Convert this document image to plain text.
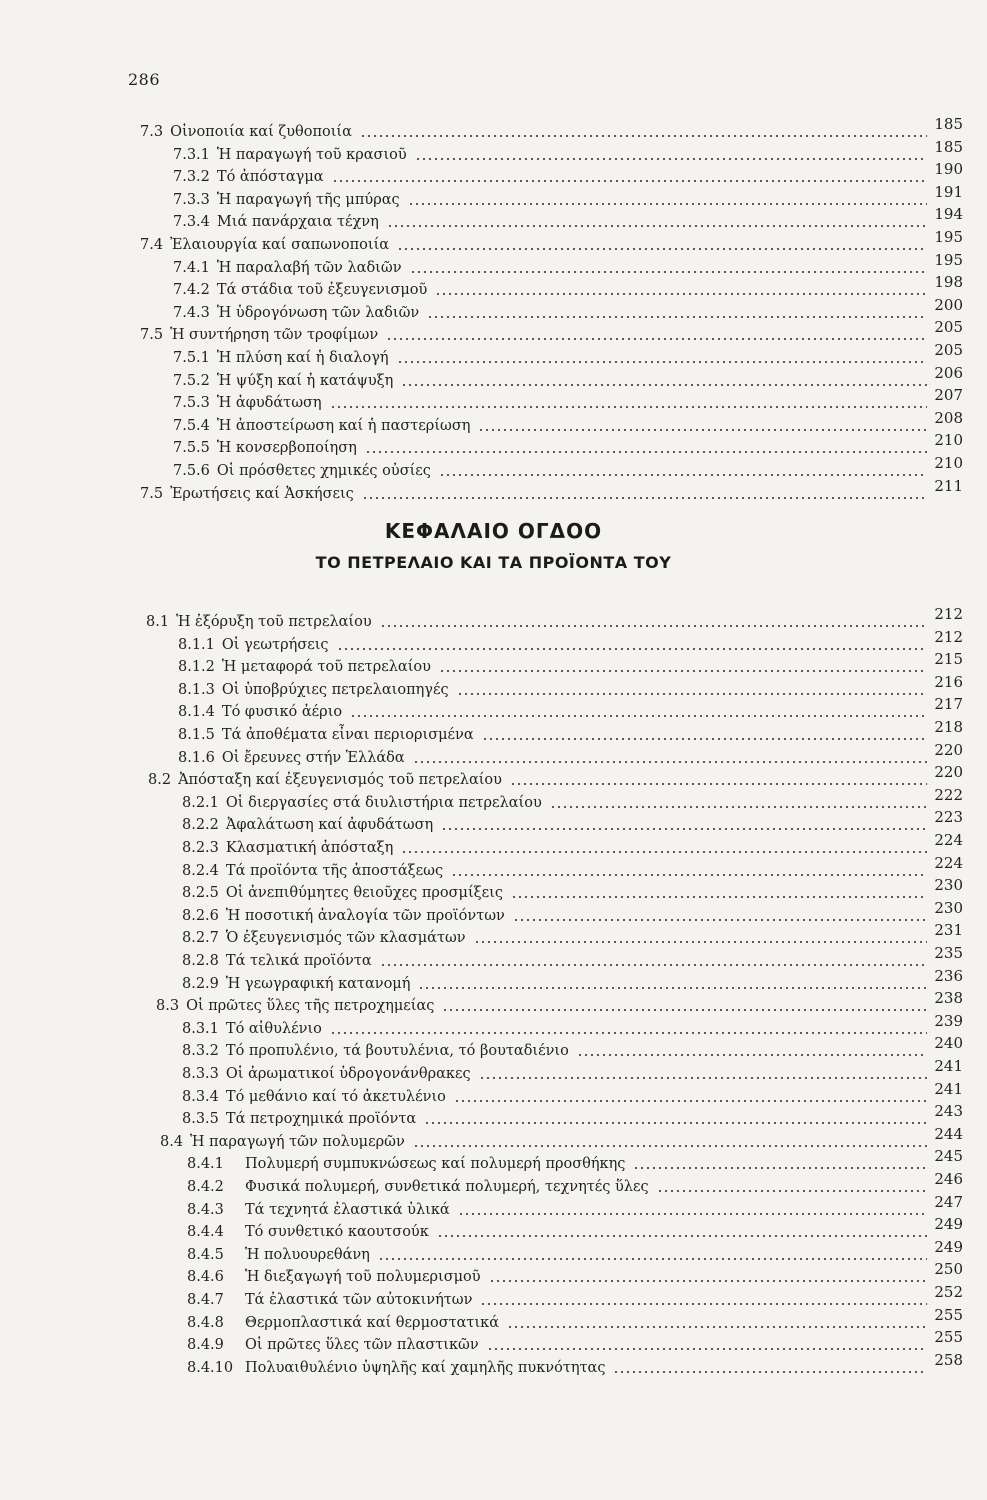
286
7.3 Οἰνοποιία καί ζυθοποιία	185
7.3.1 Ἡ παραγωγή τοῦ κρασιοῦ	185
7.3.2 Τό ἀπόσταγμα	190
7.3.3 Ἡ παραγωγή τῆς μπύρας	191
7.3.4 Μιά πανάρχαια τέχνη	194
7.4 Ἐλαιουργία καί σαπωνοποιία	195
7.4.1 Ἡ παραλαβή τῶν λαδιῶν	195
7.4.2 Τά στάδια τοῦ ἐξευγενισμοῦ	198
7.4.3 Ἡ ὑδρογόνωση τῶν λαδιῶν	200
7.5 Ἡ συντήρηση τῶν τροφίμων	205
7.5.1 Ἡ πλύση καί ἡ διαλογή	205
7.5.2 Ἡ ψύξη καί ἡ κατάψυξη	206
7.5.3 Ἡ ἀφυδάτωση	207
7.5.4 Ἡ ἀποστείρωση καί ἡ παστερίωση	208
7.5.5 Ἡ κονσερβοποίηση	210
7.5.6 Οἱ πρόσθετες χημικές οὐσίες	210
7.5 Ἐρωτήσεις καί Ἀσκήσεις	211
ΚΕΦΑΛΑΙΟ ΟΓΔΟΟ
ΤΟ ΠΕΤΡΕΛΑΙΟ ΚΑΙ ΤΑ ΠΡΟΪΟΝΤΑ ΤΟΥ
8.1 Ἡ ἐξόρυξη τοῦ πετρελαίου	212
8.1.1 Οἱ γεωτρήσεις	212
8.1.2 Ἡ μεταφορά τοῦ πετρελαίου	215
8.1.3 Οἱ ὑποβρύχιες πετρελαιοπηγές	216
8.1.4 Τό φυσικό ἀέριο	217
8.1.5 Τά ἀποθέματα εἶναι περιορισμένα	218
8.1.6 Οἱ ἔρευνες στήν Ἑλλάδα	220
8.2 Ἀπόσταξη καί ἐξευγενισμός τοῦ πετρελαίου	220
8.2.1 Οἱ διεργασίες στά διυλιστήρια πετρελαίου	222
8.2.2 Ἀφαλάτωση καί ἀφυδάτωση	223
8.2.3 Κλασματική ἀπόσταξη	224
8.2.4 Τά προϊόντα τῆς ἀποστάξεως	224
8.2.5 Οἱ ἀνεπιθύμητες θειοῦχες προσμίξεις	230
8.2.6 Ἡ ποσοτική ἀναλογία τῶν προϊόντων	230
8.2.7 Ὁ ἐξευγενισμός τῶν κλασμάτων	231
8.2.8 Τά τελικά προϊόντα	235
8.2.9 Ἡ γεωγραφική κατανομή	236
8.3 Οἱ πρῶτες ὕλες τῆς πετροχημείας	238
8.3.1 Τό αἰθυλένιο	239
8.3.2 Τό προπυλένιο, τά βουτυλένια, τό βουταδιένιο	240
8.3.3 Οἱ ἀρωματικοί ὑδρογονάνθρακες	241
8.3.4 Τό μεθάνιο καί τό ἀκετυλένιο	241
8.3.5 Τά πετροχημικά προϊόντα	243
8.4 Ἡ παραγωγή τῶν πολυμερῶν	244
8.4.1	Πολυμερή συμπυκνώσεως καί πολυμερή προσθήκης	245
8.4.2	Φυσικά πολυμερή, συνθετικά πολυμερή, τεχνητές ὕλες	246
8.4.3	Τά τεχνητά ἐλαστικά ὑλικά	247
8.4.4	Τό συνθετικό καουτσούκ	249
8.4.5	Ἡ πολυουρεθάνη	249
8.4.6	Ἡ διεξαγωγή τοῦ πολυμερισμοῦ	250
8.4.7	Τά ἐλαστικά τῶν αὐτοκινήτων	252
8.4.8	Θερμοπλαστικά καί θερμοστατικά	255
8.4.9	Οἱ πρῶτες ὕλες τῶν πλαστικῶν	255
8.4.10 Πολυαιθυλένιο ὑψηλῆς καί χαμηλῆς πυκνότητας	258
